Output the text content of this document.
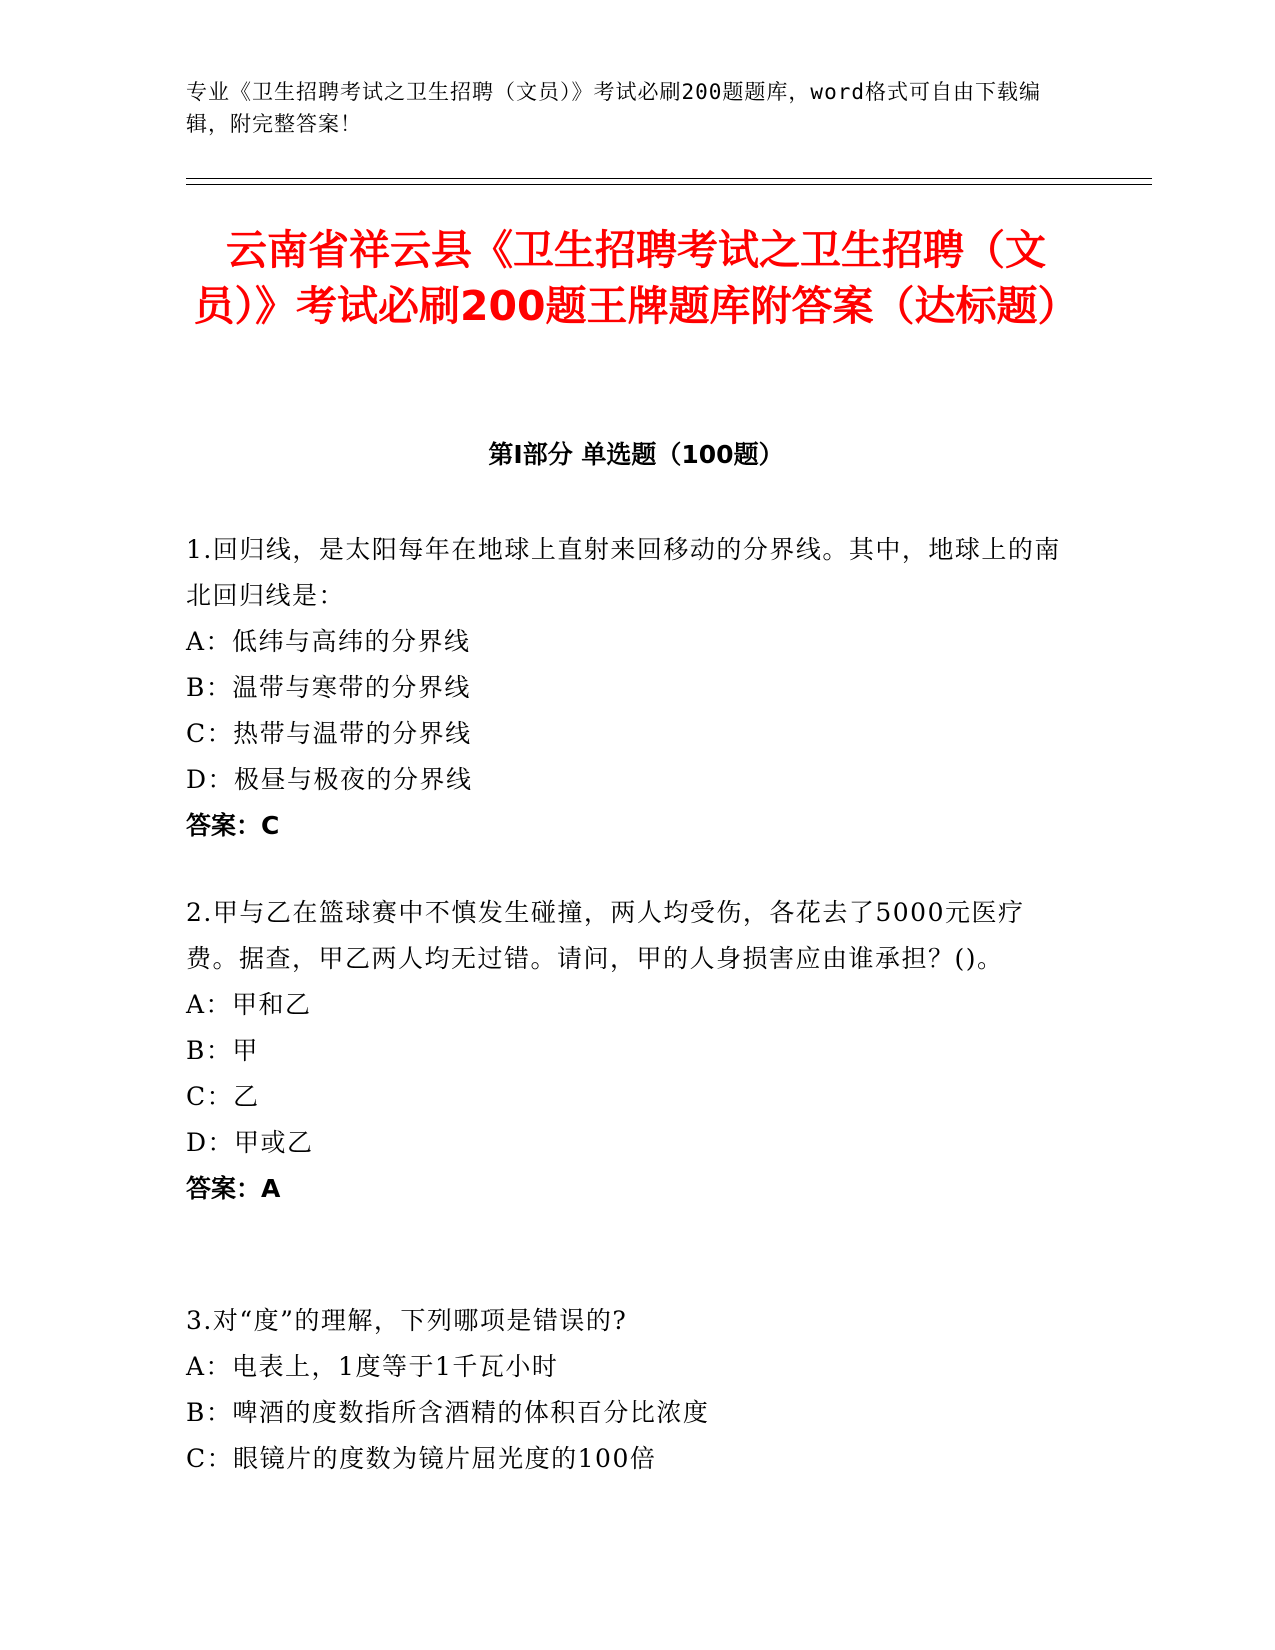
专业《卫生招聘考试之卫生招聘（文员）》考试必刷200题题库，word格式可自由下载编辑，附完整答案！
云南省祥云县《卫生招聘考试之卫生招聘（文员）》考试必刷200题王牌题库附答案（达标题）
第I部分 单选题（100题）

1.回归线，是太阳每年在地球上直射来回移动的分界线。其中，地球上的南北回归线是：

A：低纬与高纬的分界线
B：温带与寒带的分界线
C：热带与温带的分界线
D：极昼与极夜的分界线
答案：C

2.甲与乙在篮球赛中不慎发生碰撞，两人均受伤，各花去了5000元医疗费。据查，甲乙两人均无过错。请问，甲的人身损害应由谁承担？()。

A：甲和乙
B：甲
C：乙
D：甲或乙
答案：A

3.对“度”的理解，下列哪项是错误的?

A：电表上，1度等于1千瓦小时
B：啤酒的度数指所含酒精的体积百分比浓度
C：眼镜片的度数为镜片屈光度的100倍
